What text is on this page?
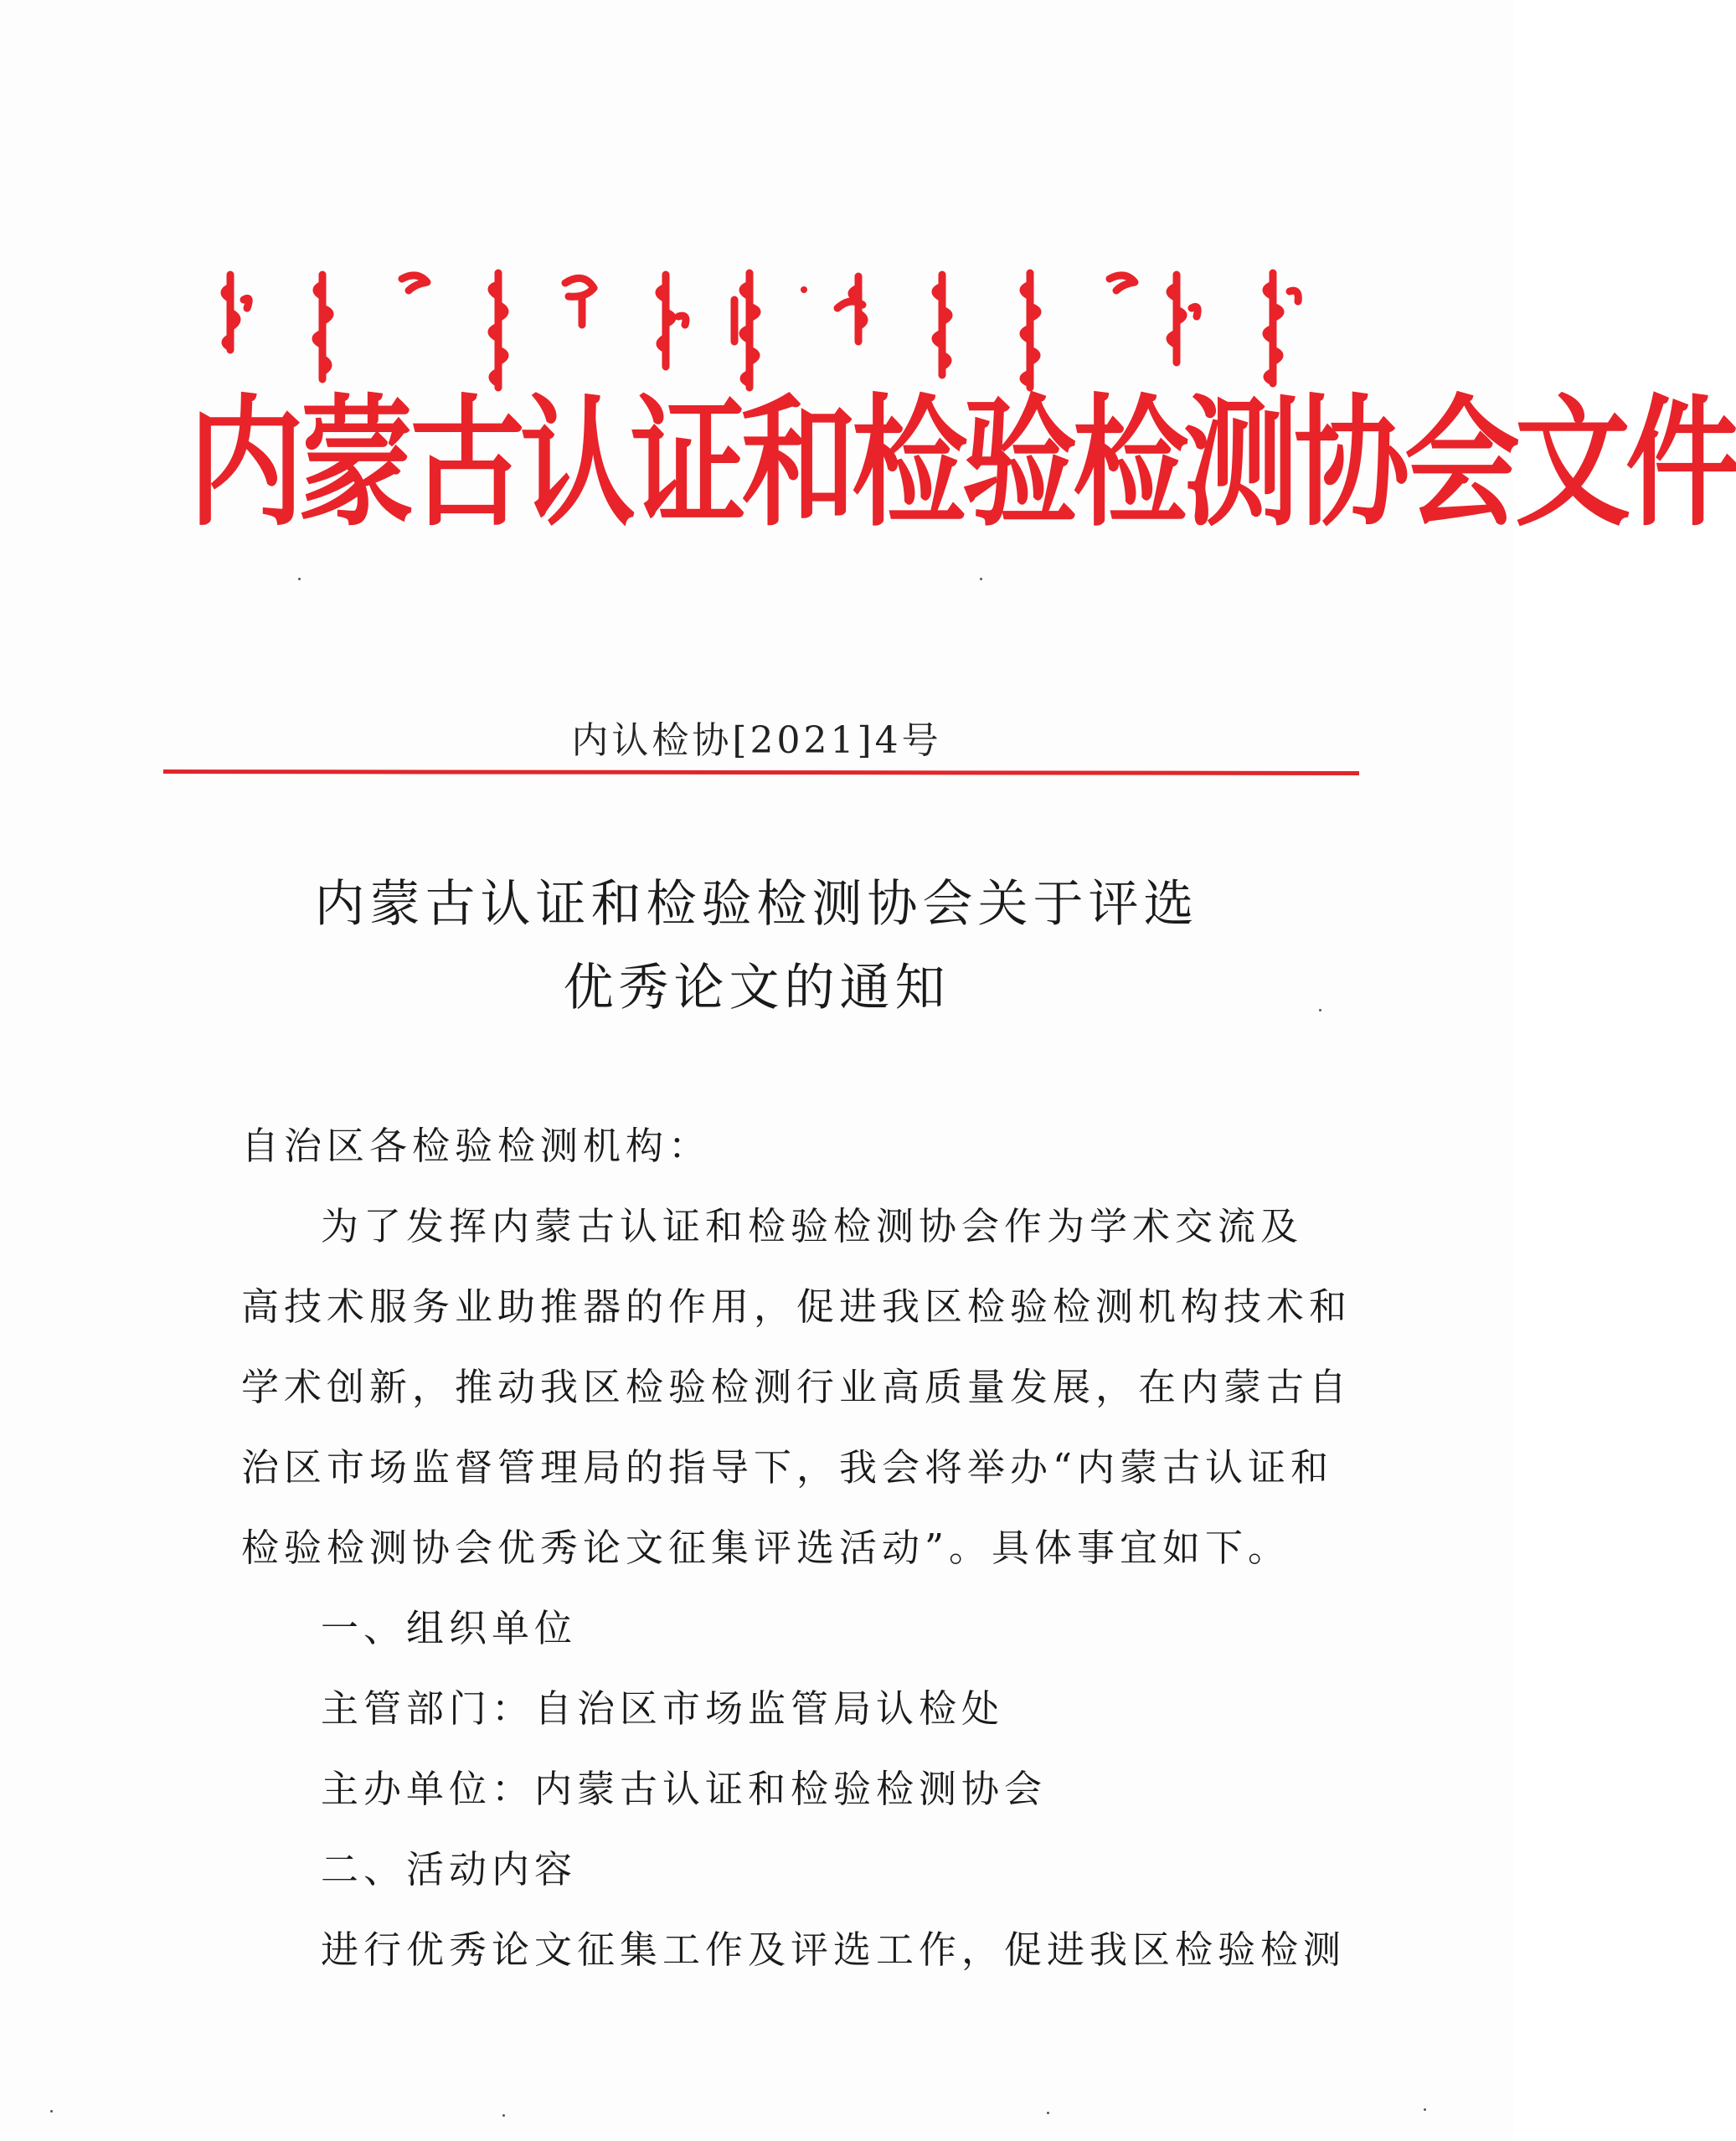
内蒙古认证和检验检测协会文件
内认检协[2021]4号
内蒙古认证和检验检测协会关于评选
优秀论文的通知
自治区各检验检测机构：
为了发挥内蒙古认证和检验检测协会作为学术交流及
高技术服务业助推器的作用，促进我区检验检测机构技术和
学术创新，推动我区检验检测行业高质量发展，在内蒙古自
治区市场监督管理局的指导下，我会将举办“内蒙古认证和
检验检测协会优秀论文征集评选活动”。具体事宜如下。
一、组织单位
主管部门：自治区市场监管局认检处
主办单位：内蒙古认证和检验检测协会
二、活动内容
进行优秀论文征集工作及评选工作，促进我区检验检测
